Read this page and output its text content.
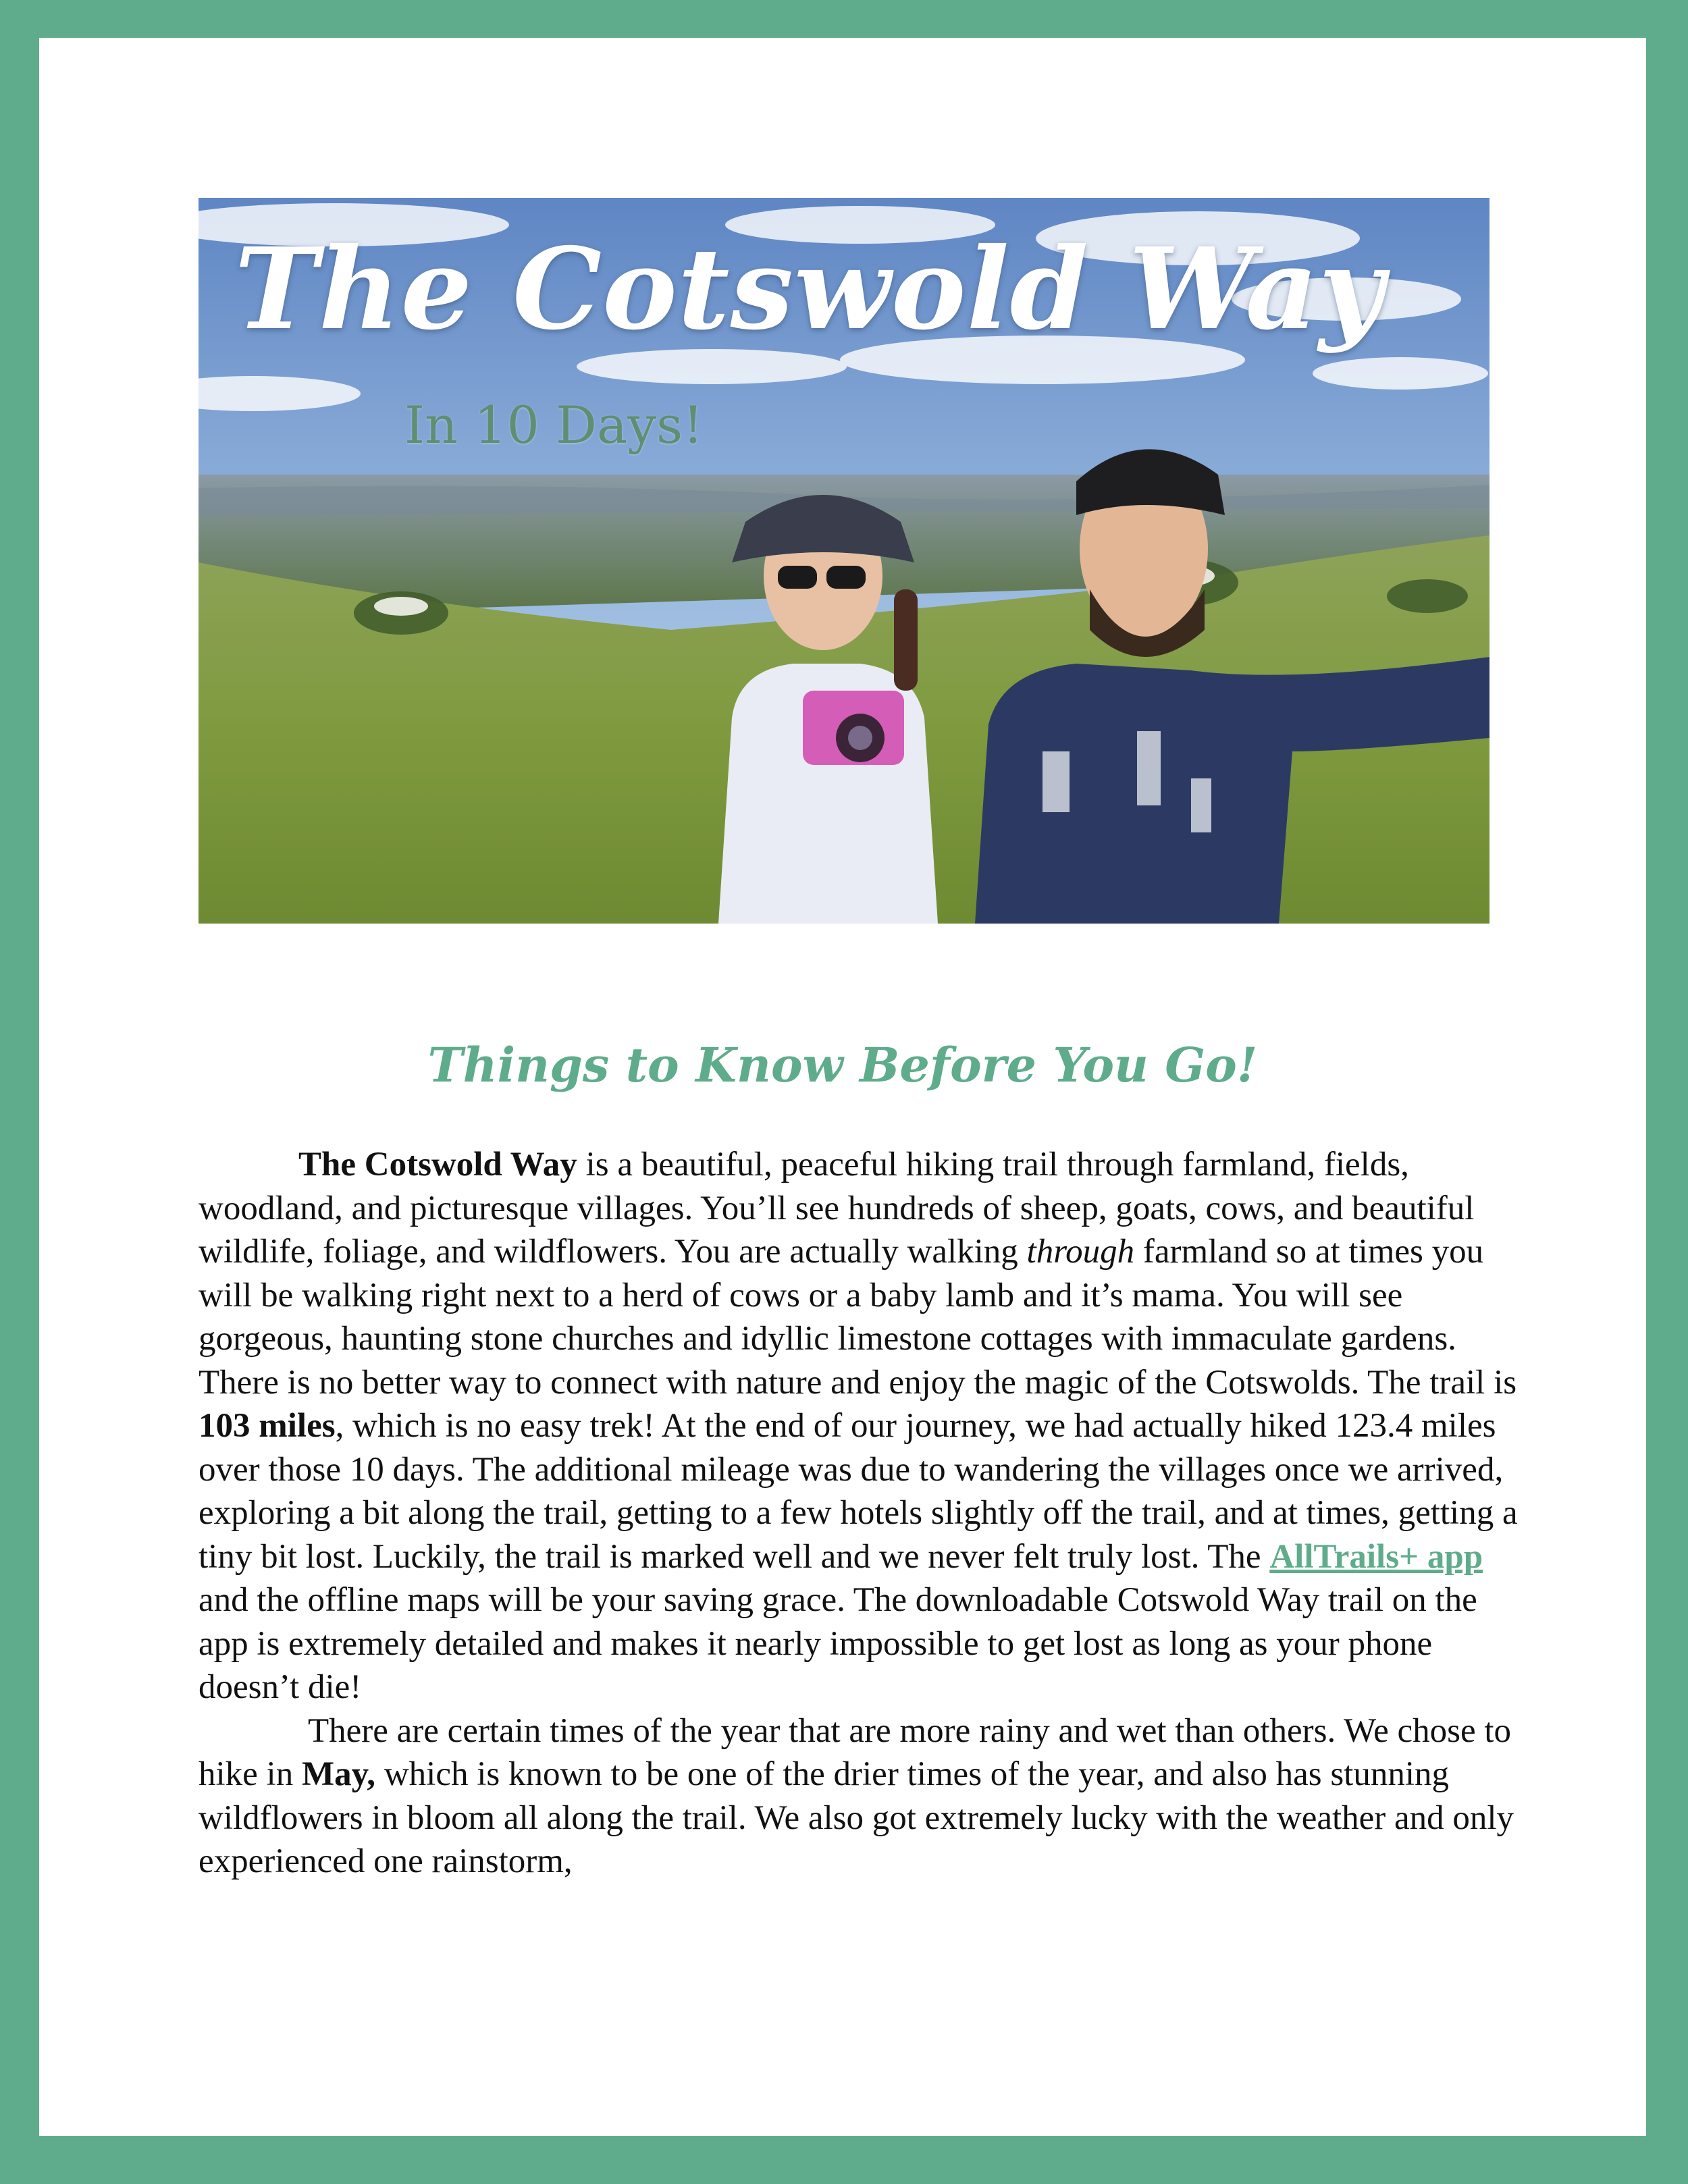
The Cotswold Way
In 10 Days!
Things to Know Before You Go!

The Cotswold Way is a beautiful, peaceful hiking trail through farmland, fields, woodland, and picturesque villages. You’ll see hundreds of sheep, goats, cows, and beautiful wildlife, foliage, and wildflowers. You are actually walking through farmland so at times you will be walking right next to a herd of cows or a baby lamb and it’s mama. You will see gorgeous, haunting stone churches and idyllic limestone cottages with immaculate gardens. There is no better way to connect with nature and enjoy the magic of the Cotswolds. The trail is 103 miles, which is no easy trek! At the end of our journey, we had actually hiked 123.4 miles over those 10 days. The additional mileage was due to wandering the villages once we arrived, exploring a bit along the trail, getting to a few hotels slightly off the trail, and at times, getting a tiny bit lost. Luckily, the trail is marked well and we never felt truly lost. The AllTrails+ app and the offline maps will be your saving grace. The downloadable Cotswold Way trail on the app is extremely detailed and makes it nearly impossible to get lost as long as your phone doesn’t die!

There are certain times of the year that are more rainy and wet than others. We chose to hike in May, which is known to be one of the drier times of the year, and also has stunning wildflowers in bloom all along the trail. We also got extremely lucky with the weather and only experienced one rainstorm,
